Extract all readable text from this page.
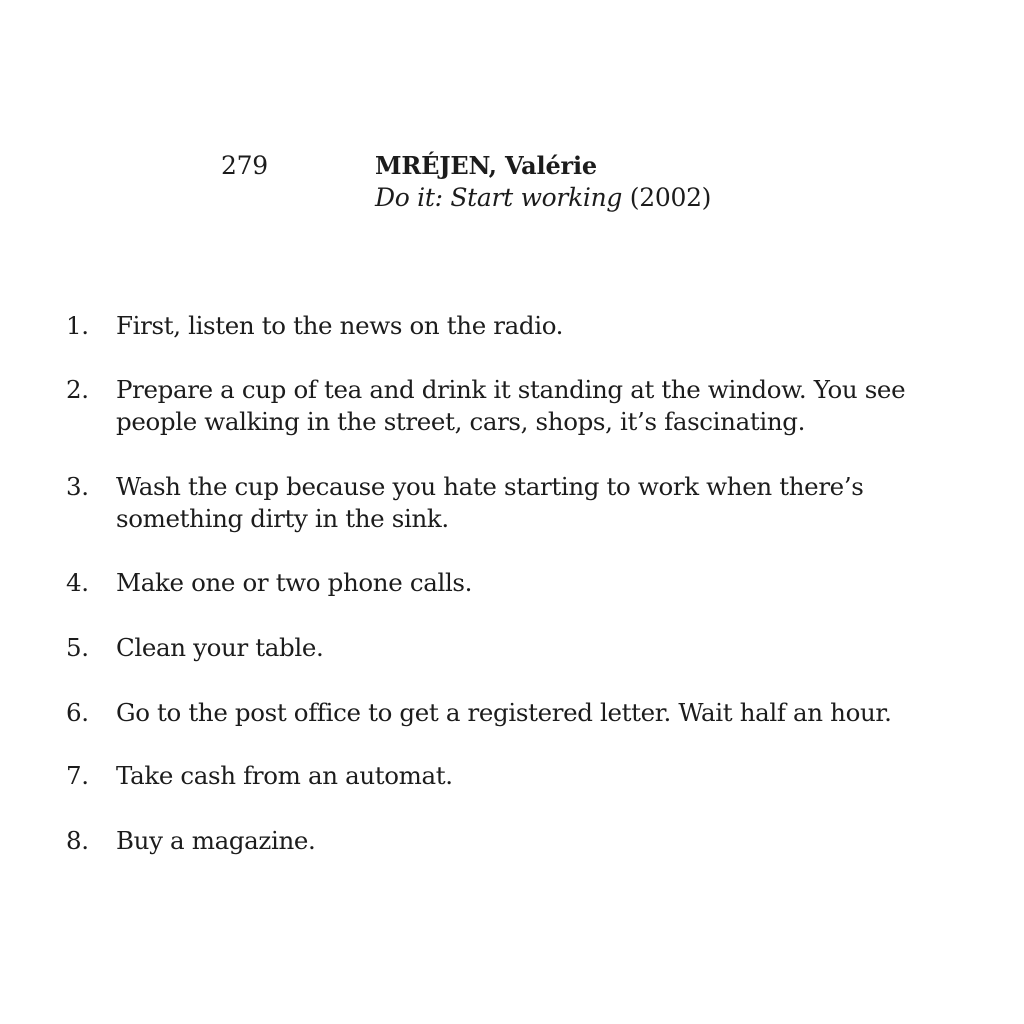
279	MRÉJEN, Valérie
Do it: Start working (2002)
1.	First, listen to the news on the radio.
2.	Prepare a cup of tea and drink it standing at the window. You see
people walking in the street, cars, shops, it’s fascinating.
3.	Wash the cup because you hate starting to work when there’s
something dirty in the sink.
4.	Make one or two phone calls.
5.	Clean your table.
6.	Go to the post office to get a registered letter. Wait half an hour.
7.	Take cash from an automat.
8.	Buy a magazine.
